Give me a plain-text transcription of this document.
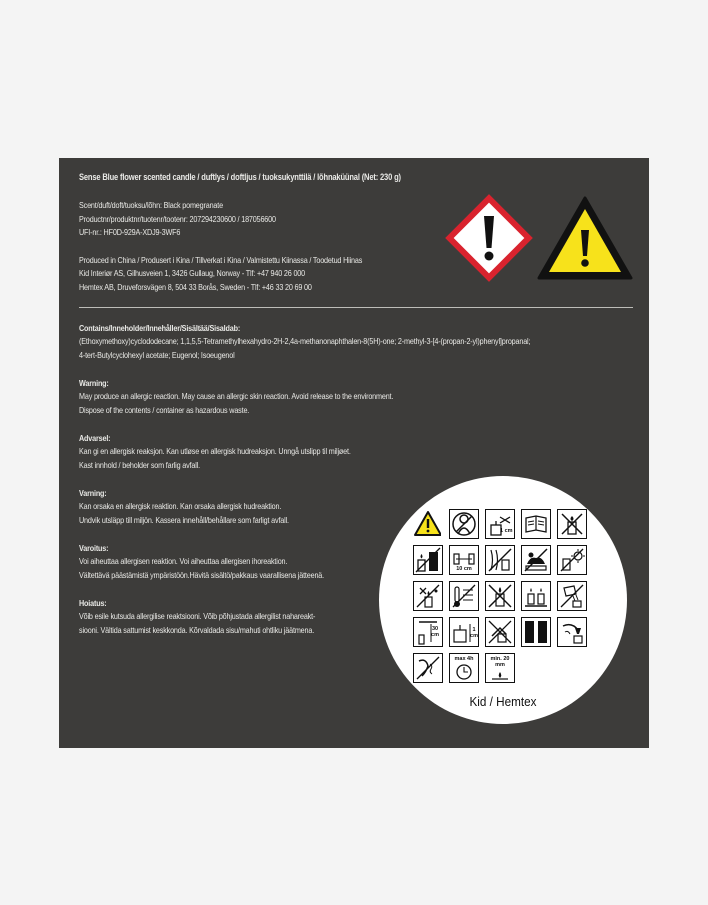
Sense Blue flower scented candle / duftlys / doftljus / tuoksukynttilä / lõhnaküünal (Net: 230 g)
Scent/duft/doft/tuoksu/lõhn: Black pomegranate
Productnr/produktnr/tuotenr/tootenr: 207294230600 / 187056600
UFI-nr.: HF0D-929A-XDJ9-3WF6
Produced in China / Produsert i Kina / Tillverkat i Kina / Valmistettu Kiinassa / Toodetud Hiinas
Kid Interiør AS, Gilhusveien 1, 3426 Gullaug, Norway - Tlf: +47 940 26 000
Hemtex AB, Druveforsvägen 8, 504 33 Borås, Sweden - Tlf: +46 33 20 69 00
Contains/Inneholder/Innehåller/Sisältää/Sisaldab:
(Ethoxymethoxy)cyclododecane; 1,1,5,5-Tetramethylhexahydro-2H-2,4a-methanonaphthalen-8(5H)-one; 2-methyl-3-[4-(propan-2-yl)phenyl]propanal;
4-tert-Butylcyclohexyl acetate; Eugenol; Isoeugenol
Warning:
May produce an allergic reaction. May cause an allergic skin reaction. Avoid release to the environment.
Dispose of the contents / container as hazardous waste.
Advarsel:
Kan gi en allergisk reaksjon. Kan utløse en allergisk hudreaksjon. Unngå utslipp til miljøet.
Kast innhold / beholder som farlig avfall.
Varning:
Kan orsaka en allergisk reaktion. Kan orsaka allergisk hudreaktion.
Undvik utsläpp till miljön. Kassera innehåll/behållare som farligt avfall.
Varoitus:
Voi aiheuttaa allergisen reaktion. Voi aiheuttaa allergisen ihoreaktion.
Vältettävä päästämistä ympäristöön.Hävitä sisältö/pakkaus vaarallisena jätteenä.
Hoiatus:
Võib esile kutsuda allergilise reaktsiooni. Võib põhjustada allergilist nahareakt-
siooni. Vältida sattumist keskkonda. Kõrvaldada sisu/mahuti ohtliku jäätmena.
1 cm
10 cm
30 cm
1 cm
max 4h	min. 20 mm
Kid / Hemtex
